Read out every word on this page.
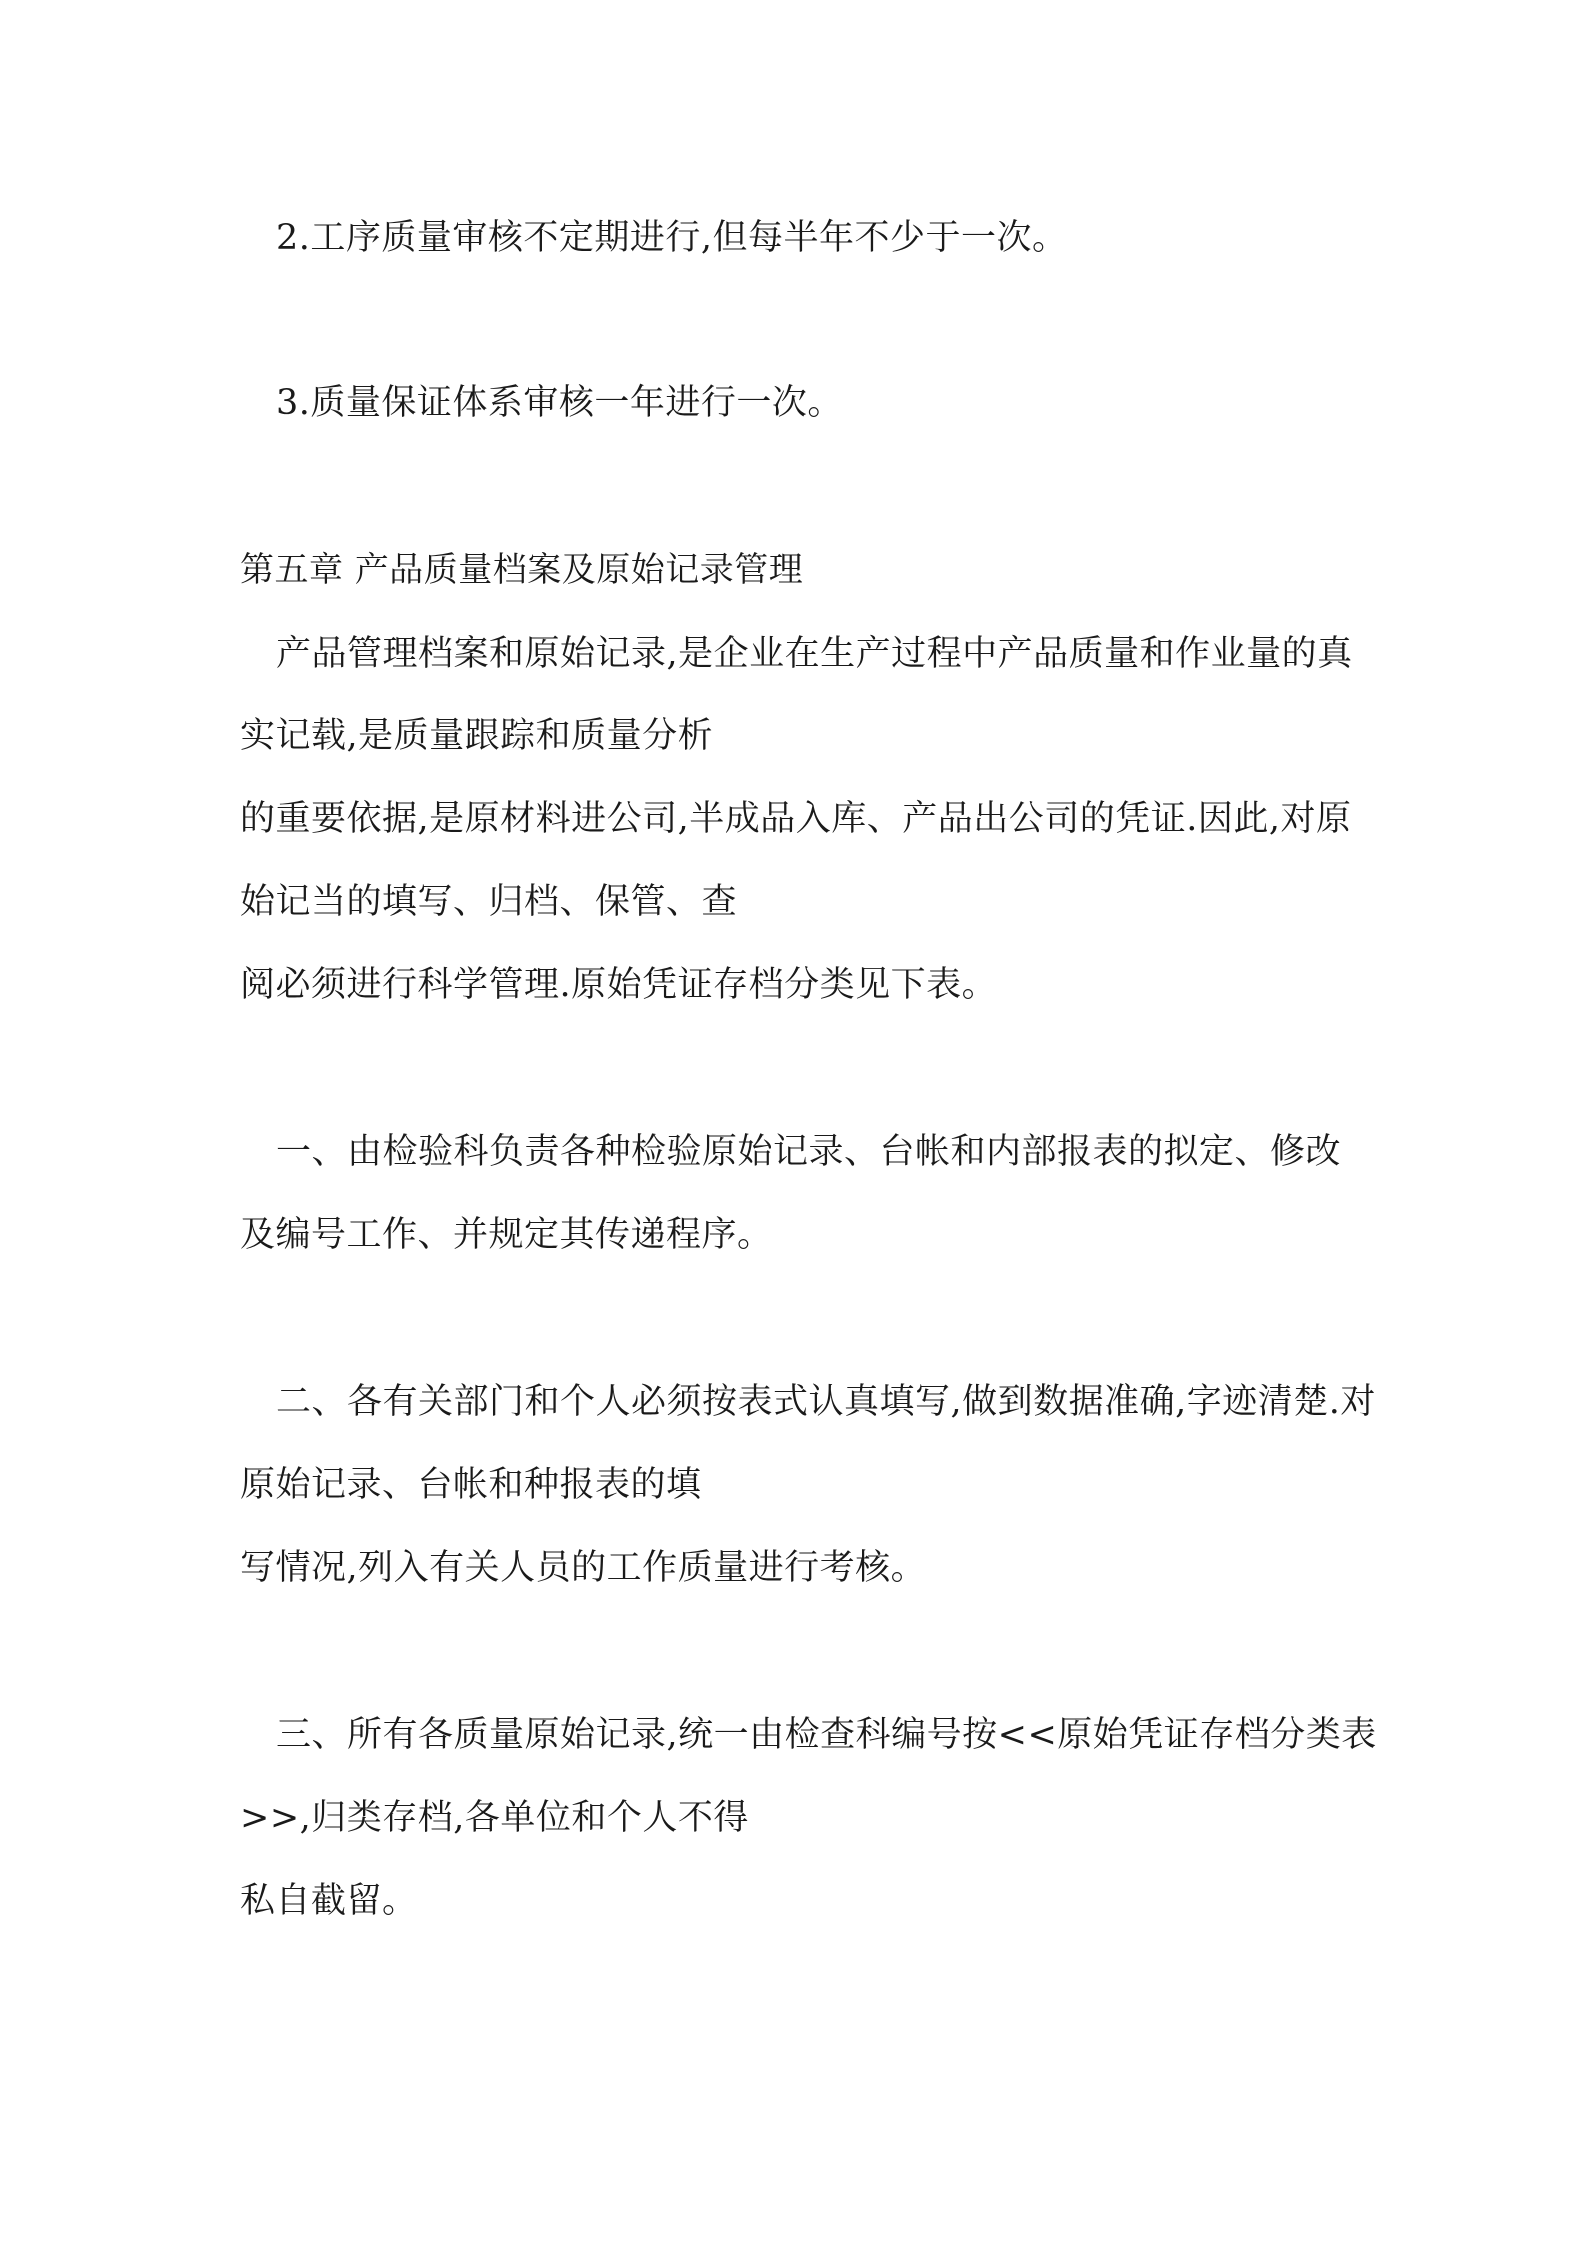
2.工序质量审核不定期进行,但每半年不少于一次。
3.质量保证体系审核一年进行一次。
第五章 产品质量档案及原始记录管理
产品管理档案和原始记录,是企业在生产过程中产品质量和作业量的真
实记载,是质量跟踪和质量分析
的重要依据,是原材料进公司,半成品入库、产品出公司的凭证.因此,对原
始记当的填写、归档、保管、查
阅必须进行科学管理.原始凭证存档分类见下表。
一、由检验科负责各种检验原始记录、台帐和内部报表的拟定、修改
及编号工作、并规定其传递程序。
二、各有关部门和个人必须按表式认真填写,做到数据准确,字迹清楚.对
原始记录、台帐和种报表的填
写情况,列入有关人员的工作质量进行考核。
三、所有各质量原始记录,统一由检查科编号按<<原始凭证存档分类表
>>,归类存档,各单位和个人不得
私自截留。
